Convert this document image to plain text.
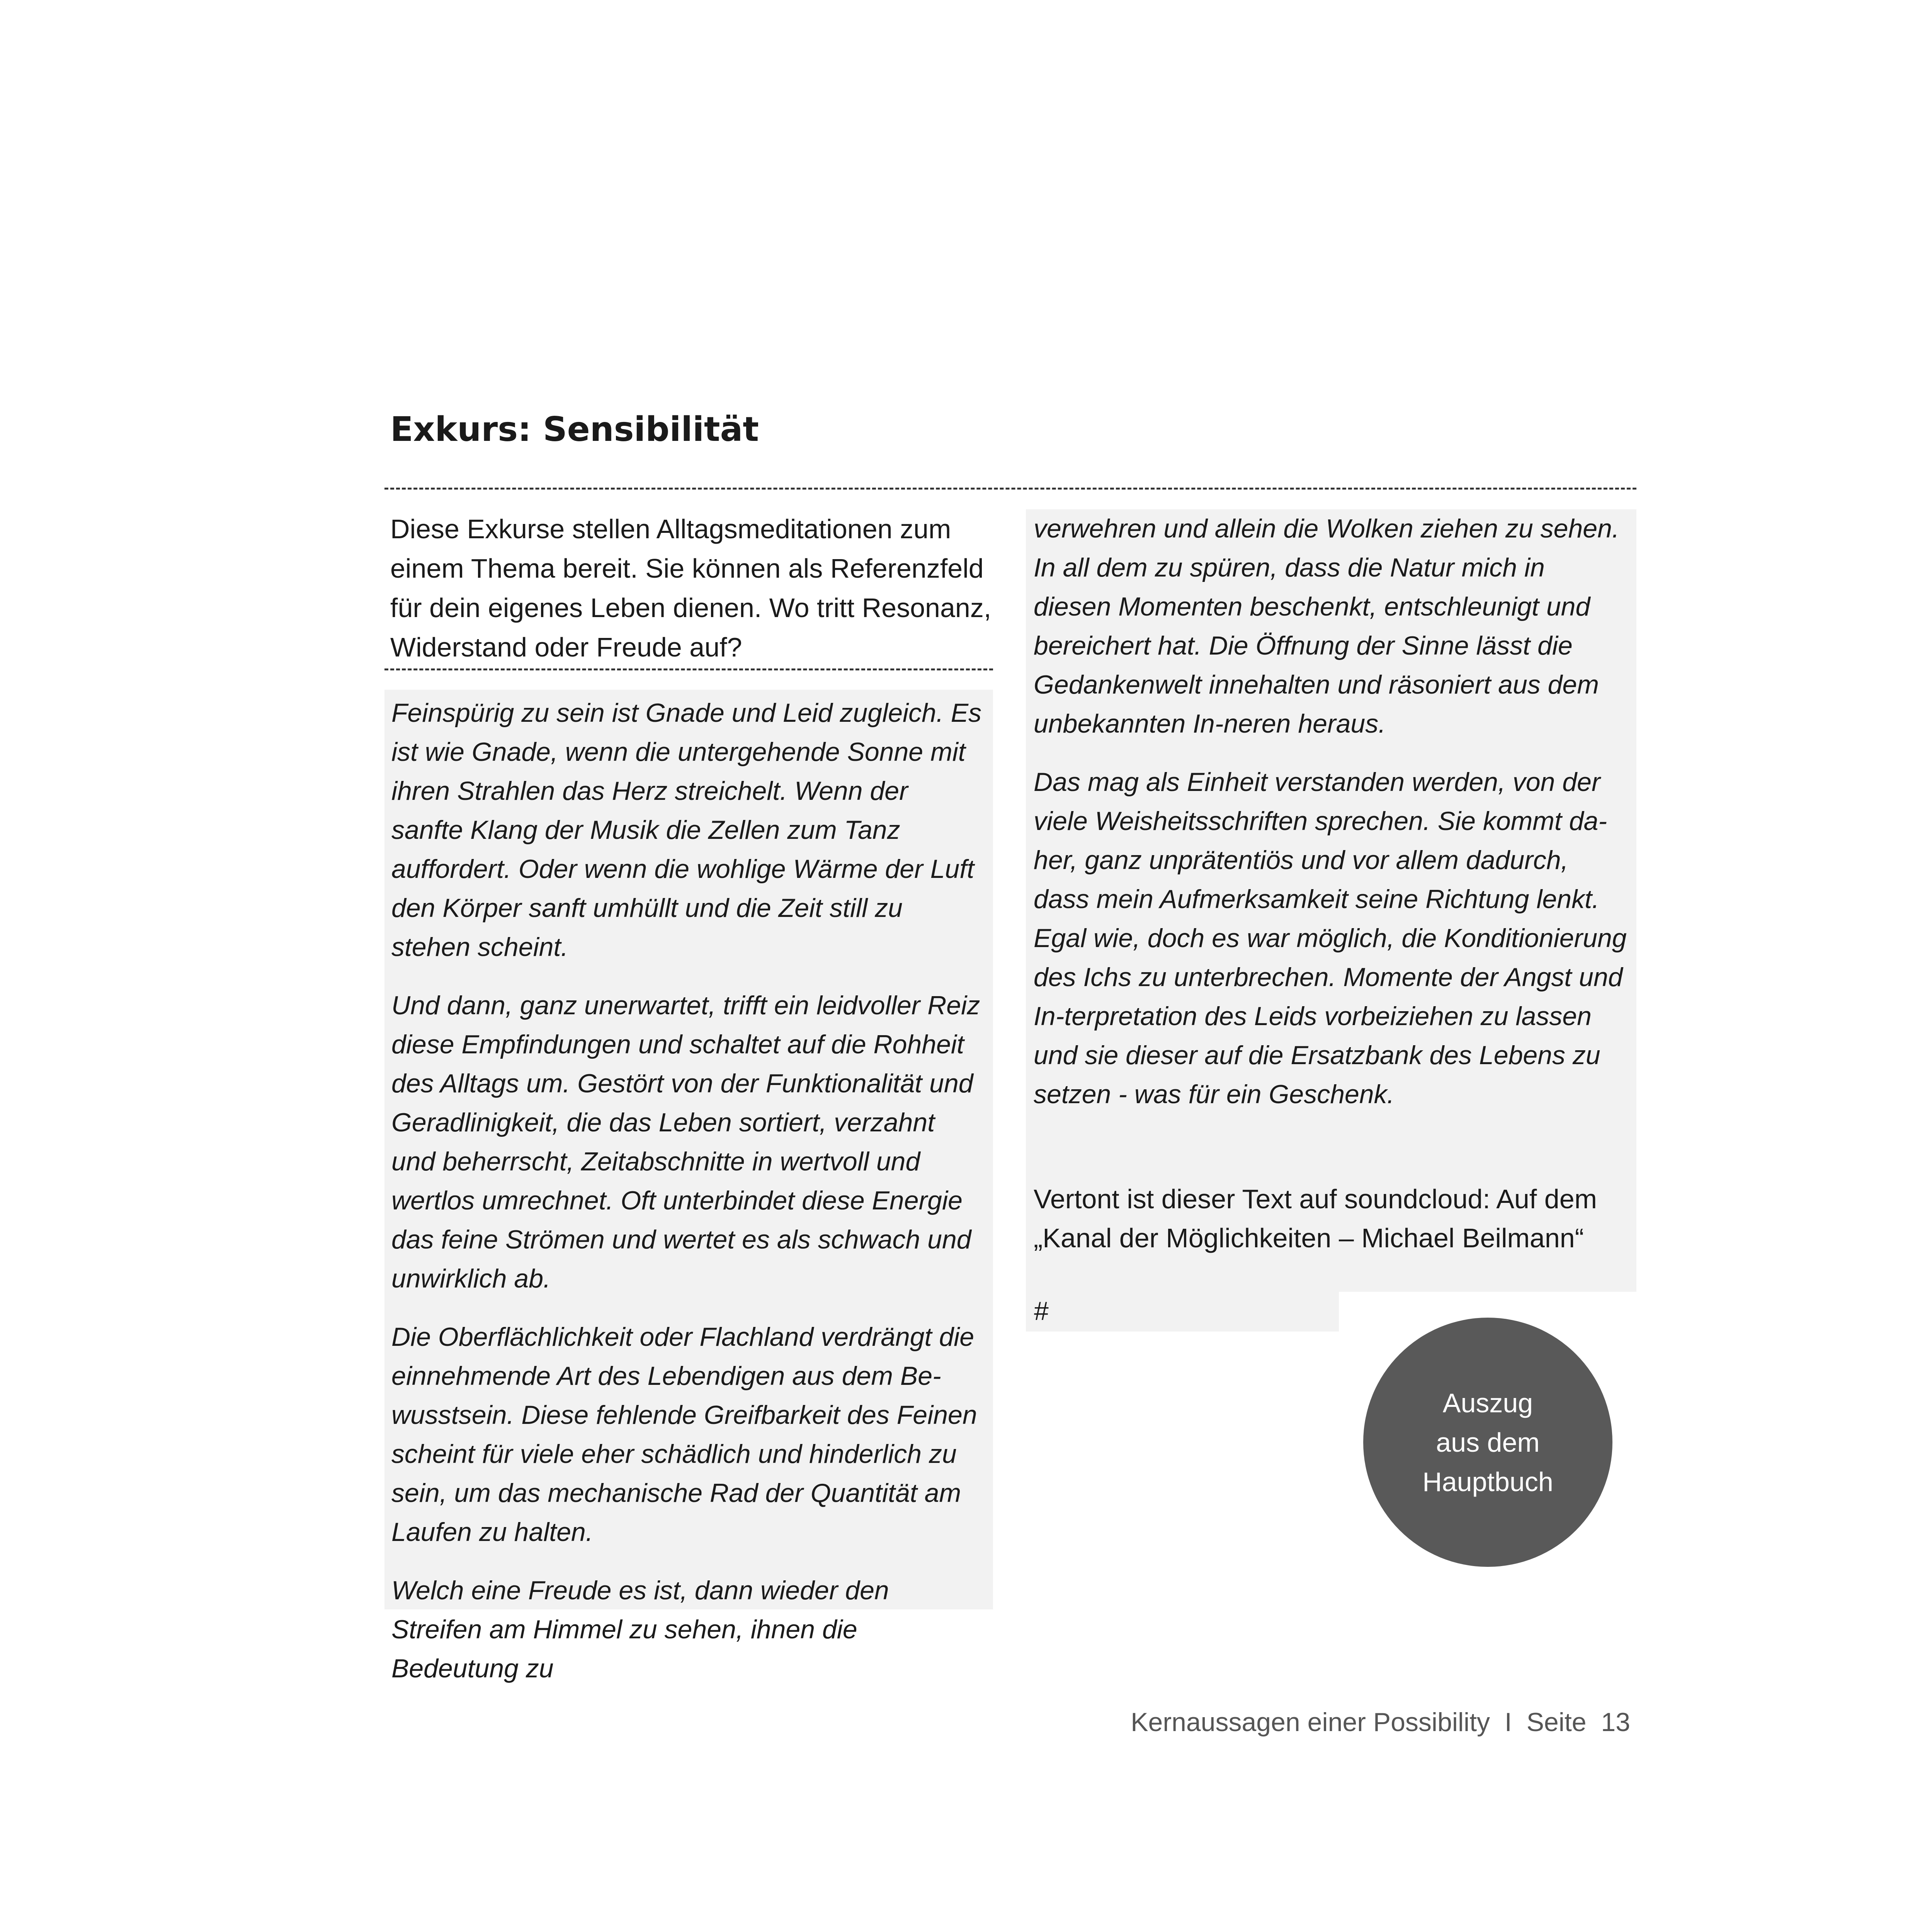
Exkurs: Sensibilität

Diese Exkurse stellen Alltagsmeditationen zum einem Thema bereit. Sie können als Referenzfeld für dein eigenes Leben dienen. Wo tritt Resonanz, Widerstand oder Freude auf?

Feinspürig zu sein ist Gnade und Leid zugleich. Es ist wie Gnade, wenn die untergehende Sonne mit ihren Strahlen das Herz streichelt. Wenn der sanfte Klang der Musik die Zellen zum Tanz auffordert. Oder wenn die wohlige Wärme der Luft den Körper sanft umhüllt und die Zeit still zu stehen scheint.

Und dann, ganz unerwartet, trifft ein leidvoller Reiz diese Empfindungen und schaltet auf die Rohheit des Alltags um. Gestört von der Funktionalität und Geradlinigkeit, die das Leben sortiert, verzahnt und beherrscht, Zeitabschnitte in wertvoll und wertlos umrechnet. Oft unterbindet diese Energie das feine Strömen und wertet es als schwach und unwirklich ab.

Die Oberflächlichkeit oder Flachland verdrängt die einnehmende Art des Lebendigen aus dem Be-wusstsein. Diese fehlende Greifbarkeit des Feinen scheint für viele eher schädlich und hinderlich zu sein, um das mechanische Rad der Quantität am Laufen zu halten.

Welch eine Freude es ist, dann wieder den Streifen am Himmel zu sehen, ihnen die Bedeutung zu

verwehren und allein die Wolken ziehen zu sehen. In all dem zu spüren, dass die Natur mich in diesen Momenten beschenkt, entschleunigt und bereichert hat. Die Öffnung der Sinne lässt die Gedankenwelt innehalten und räsoniert aus dem unbekannten In-neren heraus.

Das mag als Einheit verstanden werden, von der viele Weisheitsschriften sprechen. Sie kommt da-her, ganz unprätentiös und vor allem dadurch, dass mein Aufmerksamkeit seine Richtung lenkt. Egal wie, doch es war möglich, die Konditionierung des Ichs zu unterbrechen. Momente der Angst und In-terpretation des Leids vorbeiziehen zu lassen und sie dieser auf die Ersatzbank des Lebens zu setzen - was für ein Geschenk.

Vertont ist dieser Text auf soundcloud: Auf dem „Kanal der Möglichkeiten – Michael Beilmann“

#

Auszug
aus dem
Hauptbuch
Kernaussagen einer Possibility I Seite 13
